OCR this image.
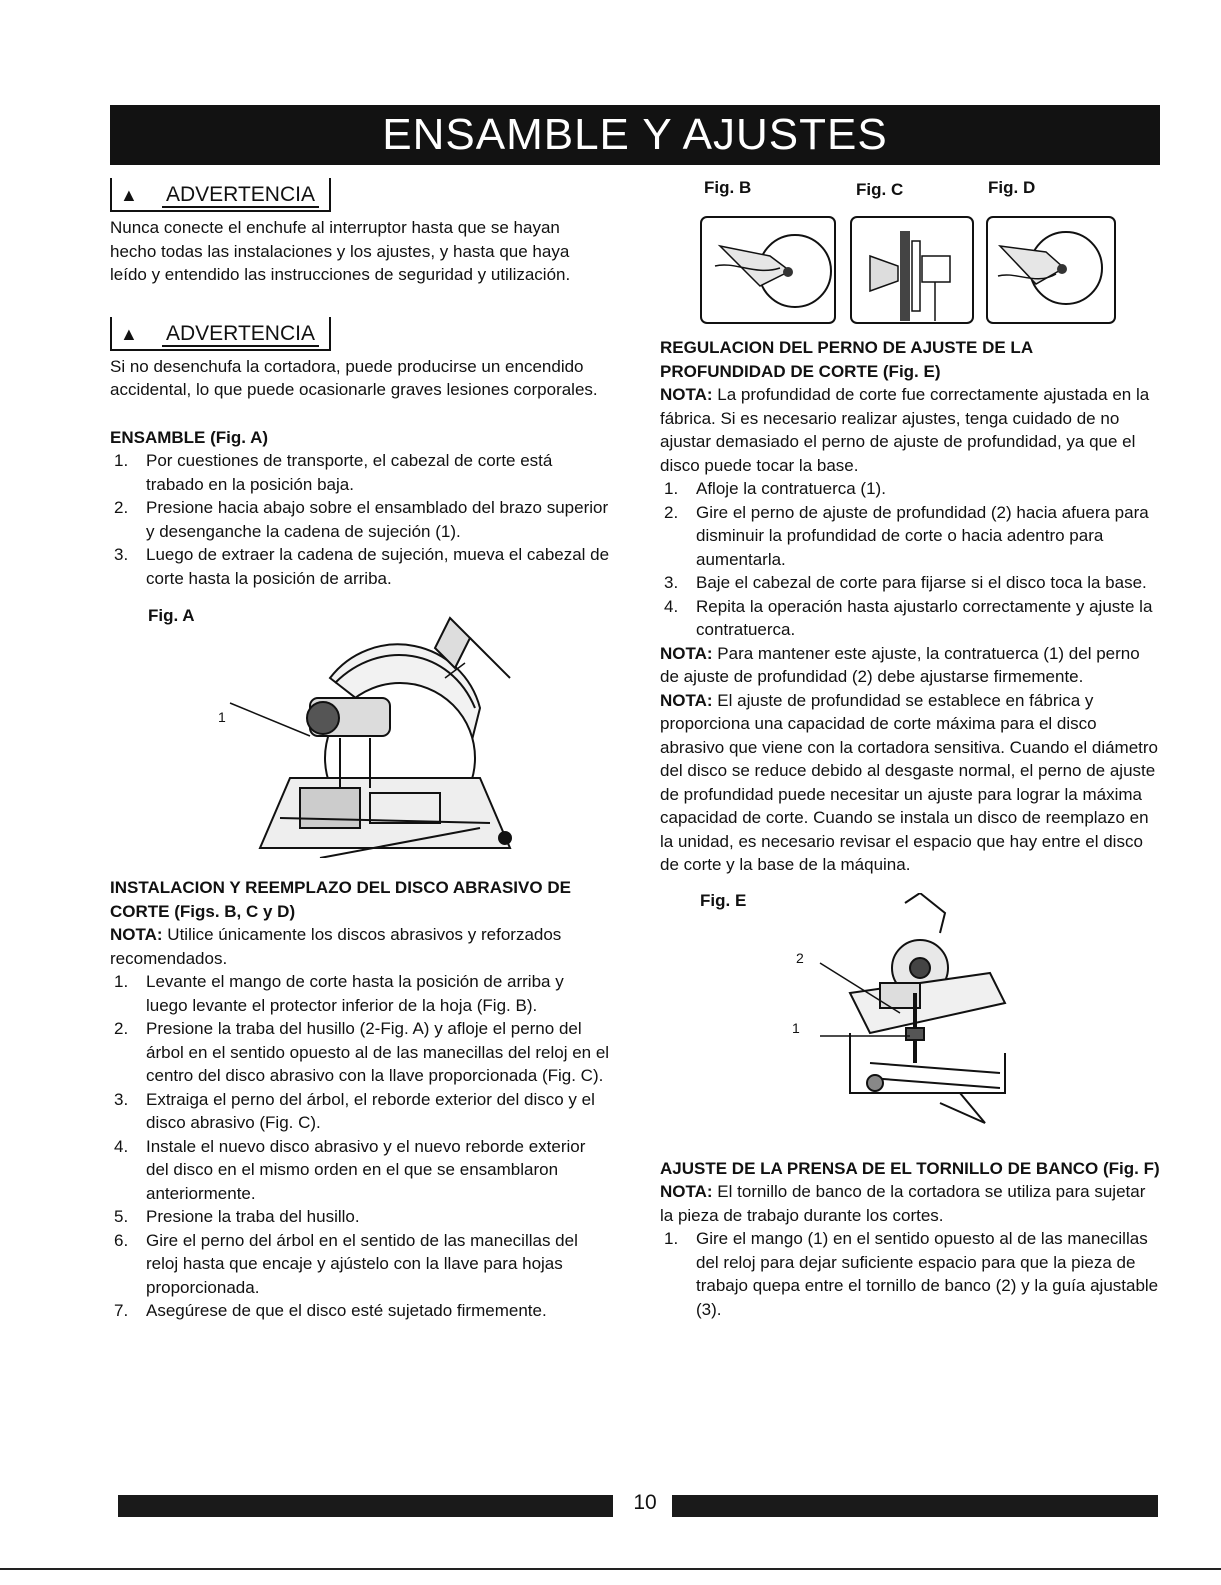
ENSAMBLE Y AJUSTES
▲ ADVERTENCIA

Nunca conecte el enchufe al interruptor hasta que se hayan hecho todas las instalaciones y los ajustes, y hasta que haya leído y entendido las instrucciones de seguridad y utilización.

▲ ADVERTENCIA

Si no desenchufa la cortadora, puede producirse un encendido accidental, lo que puede ocasionarle graves lesiones corporales.

ENSAMBLE (Fig. A)
1. Por cuestiones de transporte, el cabezal de corte está trabado en la posición baja.
2. Presione hacia abajo sobre el ensamblado del brazo superior y desenganche la cadena de sujeción (1).
3. Luego de extraer la cadena de sujeción, mueva el cabezal de corte hasta la posición de arriba.
Fig. A
1
INSTALACION Y REEMPLAZO DEL DISCO ABRASIVO DE CORTE (Figs. B, C y D)

NOTA: Utilice únicamente los discos abrasivos y reforzados recomendados.

1. Levante el mango de corte hasta la posición de arriba y luego levante el protector inferior de la hoja (Fig. B).
2. Presione la traba del husillo (2-Fig. A) y afloje el perno del árbol en el sentido opuesto al de las manecillas del reloj en el centro del disco abrasivo con la llave proporcionada (Fig. C).
3. Extraiga el perno del árbol, el reborde exterior del disco y el disco abrasivo (Fig. C).
4. Instale el nuevo disco abrasivo y el nuevo reborde exterior del disco en el mismo orden en el que se ensamblaron anteriormente.
5. Presione la traba del husillo.
6. Gire el perno del árbol en el sentido de las manecillas del reloj hasta que encaje y ajústelo con la llave para hojas proporcionada.
7. Asegúrese de que el disco esté sujetado firmemente.
Fig. B	Fig. C	Fig. D
REGULACION DEL PERNO DE AJUSTE DE LA PROFUNDIDAD DE CORTE (Fig. E)

NOTA: La profundidad de corte fue correctamente ajustada en la fábrica. Si es necesario realizar ajustes, tenga cuidado de no ajustar demasiado el perno de ajuste de profundidad, ya que el disco puede tocar la base.

1. Afloje la contratuerca (1).
2. Gire el perno de ajuste de profundidad (2) hacia afuera para disminuir la profundidad de corte o hacia adentro para aumentarla.
3. Baje el cabezal de corte para fijarse si el disco toca la base.
4. Repita la operación hasta ajustarlo correctamente y ajuste la contratuerca.

NOTA: Para mantener este ajuste, la contratuerca (1) del perno de ajuste de profundidad (2) debe ajustarse firmemente.

NOTA: El ajuste de profundidad se establece en fábrica y proporciona una capacidad de corte máxima para el disco abrasivo que viene con la cortadora sensitiva. Cuando el diámetro del disco se reduce debido al desgaste normal, el perno de ajuste de profundidad puede necesitar un ajuste para lograr la máxima capacidad de corte. Cuando se instala un disco de reemplazo en la unidad, es necesario revisar el espacio que hay entre el disco de corte y la base de la máquina.

Fig. E
2
1
AJUSTE DE LA PRENSA DE EL TORNILLO DE BANCO (Fig. F)

NOTA: El tornillo de banco de la cortadora se utiliza para sujetar la pieza de trabajo durante los cortes.

1. Gire el mango (1) en el sentido opuesto al de las manecillas del reloj para dejar suficiente espacio para que la pieza de trabajo quepa entre el tornillo de banco (2) y la guía ajustable (3).
10
